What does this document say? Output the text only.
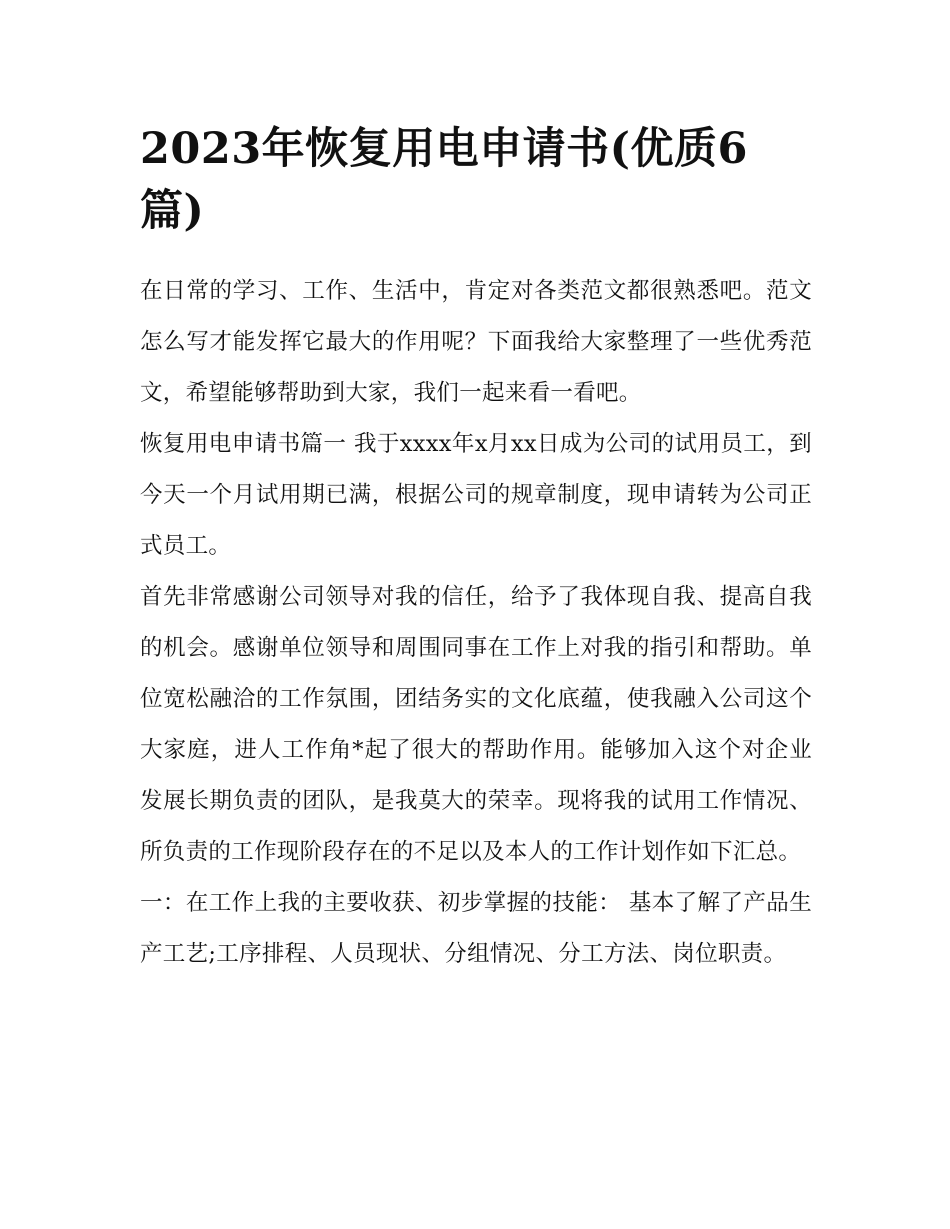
2023年恢复用电申请书(优质6篇)

在日常的学习、工作、生活中，肯定对各类范文都很熟悉吧。范文怎么写才能发挥它最大的作用呢？下面我给大家整理了一些优秀范文，希望能够帮助到大家，我们一起来看一看吧。

恢复用电申请书篇一 我于xxxx年x月xx日成为公司的试用员工，到今天一个月试用期已满，根据公司的规章制度，现申请转为公司正式员工。

首先非常感谢公司领导对我的信任，给予了我体现自我、提高自我的机会。感谢单位领导和周围同事在工作上对我的指引和帮助。单位宽松融洽的工作氛围，团结务实的文化底蕴，使我融入公司这个大家庭，进人工作角*起了很大的帮助作用。能够加入这个对企业发展长期负责的团队，是我莫大的荣幸。现将我的试用工作情况、所负责的工作现阶段存在的不足以及本人的工作计划作如下汇总。

一：在工作上我的主要收获、初步掌握的技能： 基本了解了产品生产工艺;工序排程、人员现状、分组情况、分工方法、岗位职责。
